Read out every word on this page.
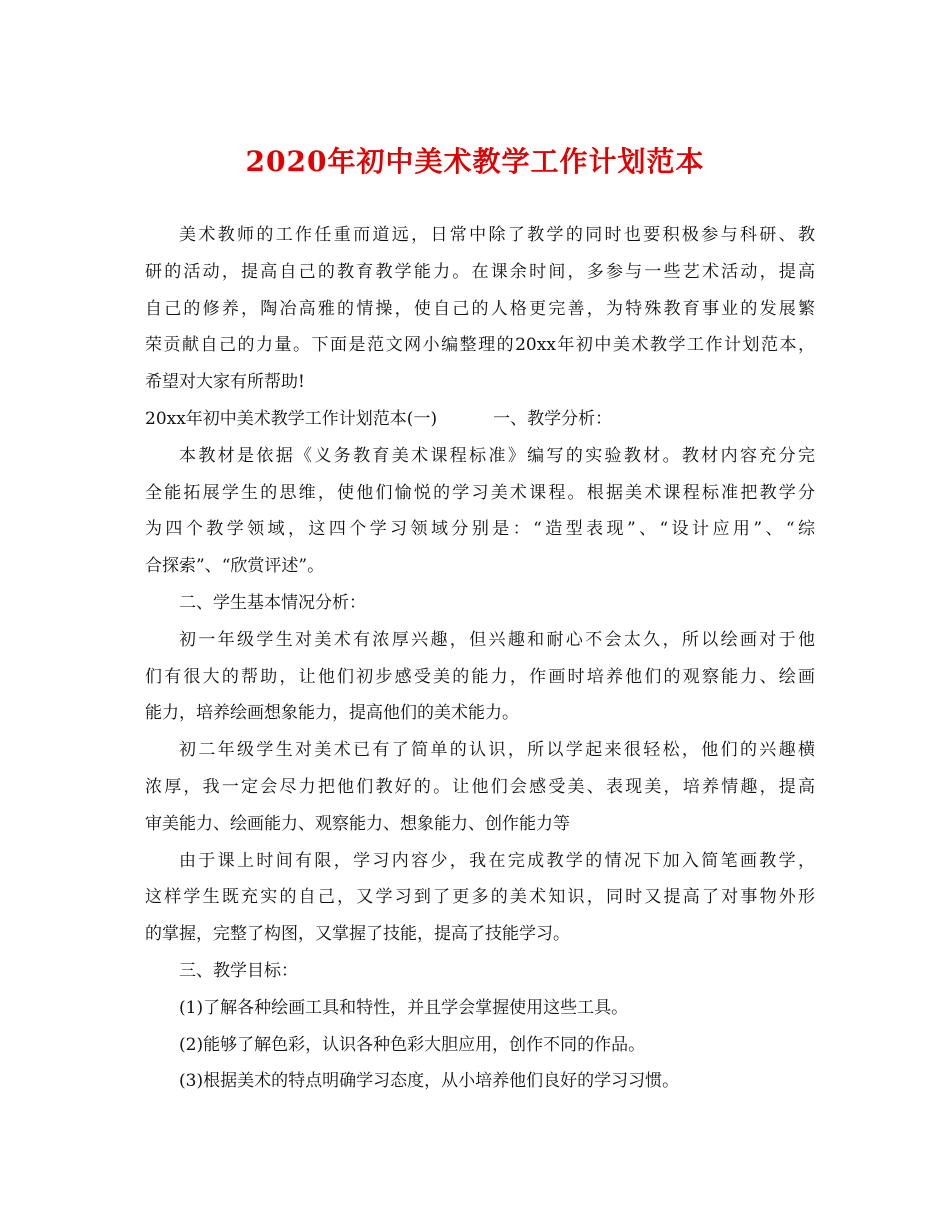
2020年初中美术教学工作计划范本
美术教师的工作任重而道远，日常中除了教学的同时也要积极参与科研、教
研的活动，提高自己的教育教学能力。在课余时间，多参与一些艺术活动，提高
自己的修养，陶冶高雅的情操，使自己的人格更完善，为特殊教育事业的发展繁
荣贡献自己的力量。下面是范文网小编整理的20xx年初中美术教学工作计划范本，
希望对大家有所帮助!
20xx年初中美术教学工作计划范本(一)	一、教学分析：
本教材是依据《义务教育美术课程标准》编写的实验教材。教材内容充分完
全能拓展学生的思维，使他们愉悦的学习美术课程。根据美术课程标准把教学分
为四个教学领域，这四个学习领域分别是：“造型表现”、“设计应用”、“综
合探索”、“欣赏评述”。
二、学生基本情况分析：
初一年级学生对美术有浓厚兴趣，但兴趣和耐心不会太久，所以绘画对于他
们有很大的帮助，让他们初步感受美的能力，作画时培养他们的观察能力、绘画
能力，培养绘画想象能力，提高他们的美术能力。
初二年级学生对美术已有了简单的认识，所以学起来很轻松，他们的兴趣横
浓厚，我一定会尽力把他们教好的。让他们会感受美、表现美，培养情趣，提高
审美能力、绘画能力、观察能力、想象能力、创作能力等
由于课上时间有限，学习内容少，我在完成教学的情况下加入简笔画教学，
这样学生既充实的自己，又学习到了更多的美术知识，同时又提高了对事物外形
的掌握，完整了构图，又掌握了技能，提高了技能学习。
三、教学目标：
(1)了解各种绘画工具和特性，并且学会掌握使用这些工具。
(2)能够了解色彩，认识各种色彩大胆应用，创作不同的作品。
(3)根据美术的特点明确学习态度，从小培养他们良好的学习习惯。
